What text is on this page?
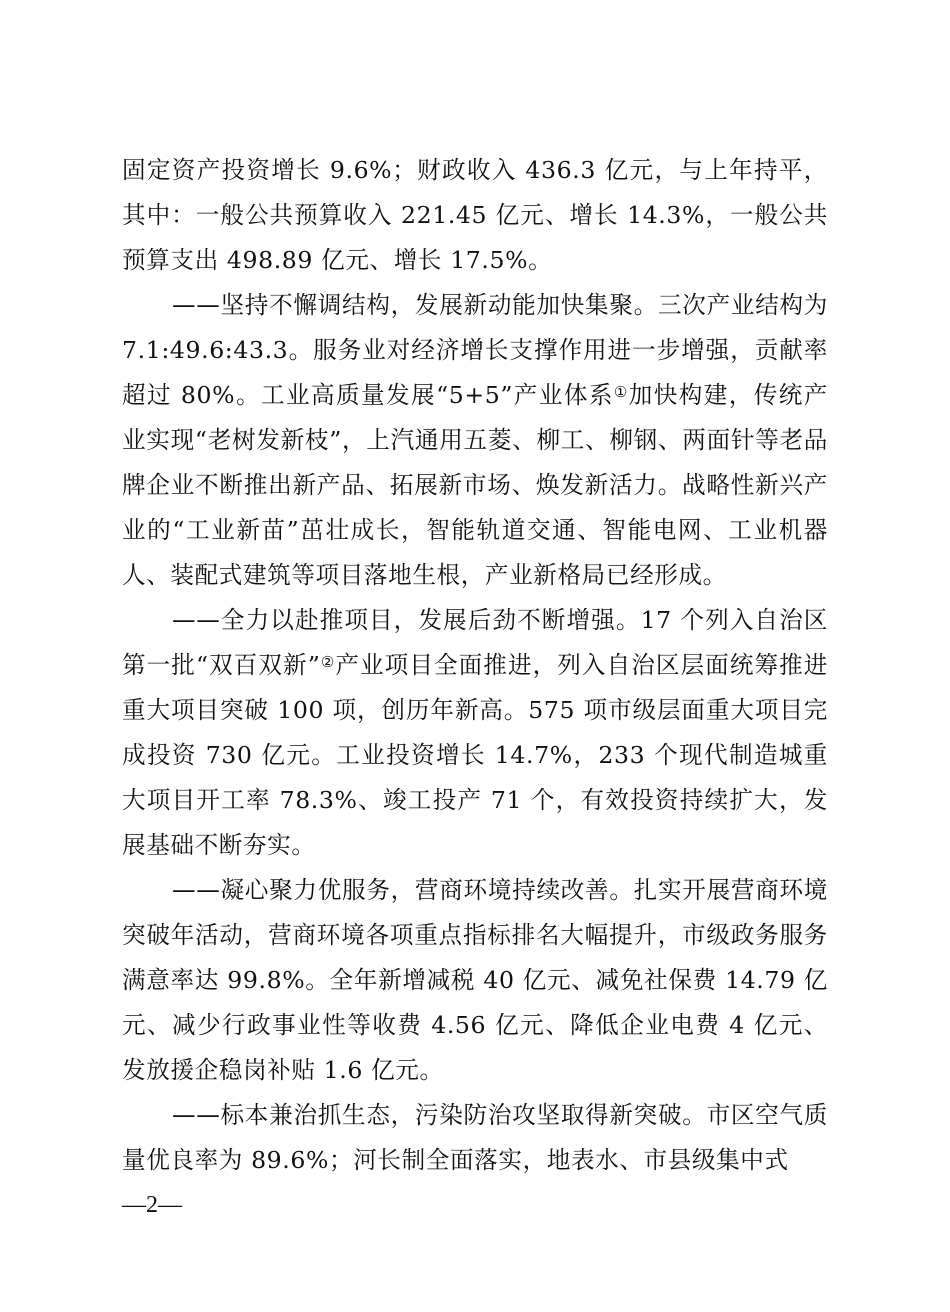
固定资产投资增长 9.6%；财政收入 436.3 亿元，与上年持平，其中：一般公共预算收入 221.45 亿元、增长 14.3%，一般公共预算支出 498.89 亿元、增长 17.5%。

——坚持不懈调结构，发展新动能加快集聚。三次产业结构为 7.1:49.6:43.3。服务业对经济增长支撑作用进一步增强，贡献率超过 80%。工业高质量发展“5+5”产业体系①加快构建，传统产业实现“老树发新枝”，上汽通用五菱、柳工、柳钢、两面针等老品牌企业不断推出新产品、拓展新市场、焕发新活力。战略性新兴产业的“工业新苗”茁壮成长，智能轨道交通、智能电网、工业机器人、装配式建筑等项目落地生根，产业新格局已经形成。

——全力以赴推项目，发展后劲不断增强。17 个列入自治区第一批“双百双新”②产业项目全面推进，列入自治区层面统筹推进重大项目突破 100 项，创历年新高。575 项市级层面重大项目完成投资 730 亿元。工业投资增长 14.7%，233 个现代制造城重大项目开工率 78.3%、竣工投产 71 个，有效投资持续扩大，发展基础不断夯实。

——凝心聚力优服务，营商环境持续改善。扎实开展营商环境突破年活动，营商环境各项重点指标排名大幅提升，市级政务服务满意率达 99.8%。全年新增减税 40 亿元、减免社保费 14.79 亿元、减少行政事业性等收费 4.56 亿元、降低企业电费 4 亿元、发放援企稳岗补贴 1.6 亿元。

——标本兼治抓生态，污染防治攻坚取得新突破。市区空气质量优良率为 89.6%；河长制全面落实，地表水、市县级集中式

—2—
